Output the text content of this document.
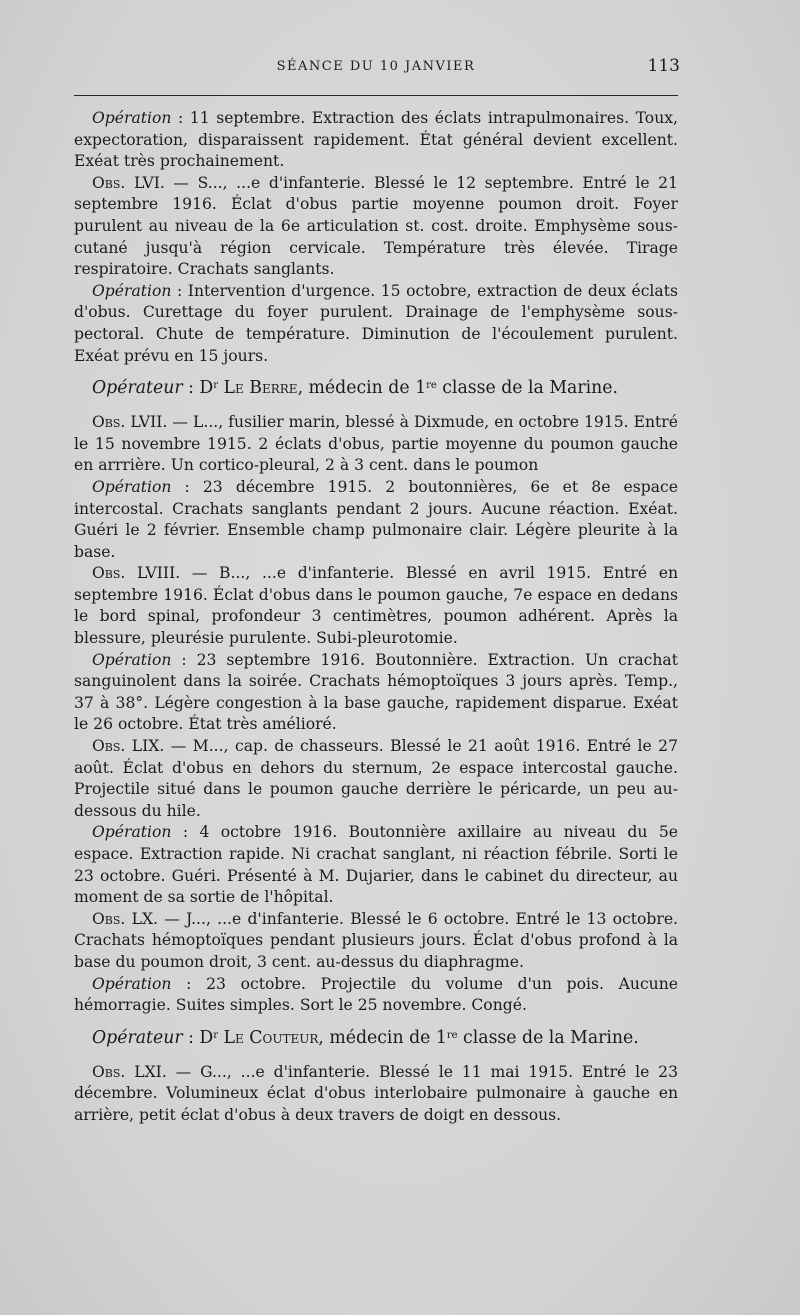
SÉANCE DU 10 JANVIER	113

Opération : 11 septembre. Extraction des éclats intrapulmonaires. Toux, expectoration, disparaissent rapidement. État général devient excellent. Exéat très prochainement.

Obs. LVI. — S..., ...e d'infanterie. Blessé le 12 septembre. Entré le 21 septembre 1916. Éclat d'obus partie moyenne poumon droit. Foyer purulent au niveau de la 6e articulation st. cost. droite. Emphysème sous-cutané jusqu'à région cervicale. Température très élevée. Tirage respiratoire. Crachats sanglants.

Opération : Intervention d'urgence. 15 octobre, extraction de deux éclats d'obus. Curettage du foyer purulent. Drainage de l'emphysème sous-pectoral. Chute de température. Diminution de l'écoulement purulent. Exéat prévu en 15 jours.

Opérateur : $D^r$ Le Berre, médecin de 1re classe de la Marine.

Obs. LVII. — L..., fusilier marin, blessé à Dixmude, en octobre 1915. Entré le 15 novembre 1915. 2 éclats d'obus, partie moyenne du poumon gauche en arrrière. Un cortico-pleural, 2 à 3 cent. dans le poumon

Opération : 23 décembre 1915. 2 boutonnières, 6e et 8e espace intercostal. Crachats sanglants pendant 2 jours. Aucune réaction. Exéat. Guéri le 2 février. Ensemble champ pulmonaire clair. Légère pleurite à la base.

Obs. LVIII. — B..., ...e d'infanterie. Blessé en avril 1915. Entré en septembre 1916. Éclat d'obus dans le poumon gauche, 7e espace en dedans le bord spinal, profondeur 3 centimètres, poumon adhérent. Après la blessure, pleurésie purulente. Subi-pleurotomie.

Opération : 23 septembre 1916. Boutonnière. Extraction. Un crachat sanguinolent dans la soirée. Crachats hémoptoïques 3 jours après. Temp., 37 à 38°. Légère congestion à la base gauche, rapidement disparue. Exéat le 26 octobre. État très amélioré.

Obs. LIX. — M..., cap. de chasseurs. Blessé le 21 août 1916. Entré le 27 août. Éclat d'obus en dehors du sternum, 2e espace intercostal gauche. Projectile situé dans le poumon gauche derrière le péricarde, un peu au-dessous du hile.

Opération : 4 octobre 1916. Boutonnière axillaire au niveau du 5e espace. Extraction rapide. Ni crachat sanglant, ni réaction fébrile. Sorti le 23 octobre. Guéri. Présenté à M. Dujarier, dans le cabinet du directeur, au moment de sa sortie de l'hôpital.

Obs. LX. — J..., ...e d'infanterie. Blessé le 6 octobre. Entré le 13 octobre. Crachats hémoptoïques pendant plusieurs jours. Éclat d'obus profond à la base du poumon droit, 3 cent. au-dessus du diaphragme.

Opération : 23 octobre. Projectile du volume d'un pois. Aucune hémorragie. Suites simples. Sort le 25 novembre. Congé.

Opérateur : $D^r$ Le Couteur, médecin de 1re classe de la Marine.

Obs. LXI. — G..., ...e d'infanterie. Blessé le 11 mai 1915. Entré le 23 décembre. Volumineux éclat d'obus interlobaire pulmonaire à gauche en arrière, petit éclat d'obus à deux travers de doigt en dessous.
